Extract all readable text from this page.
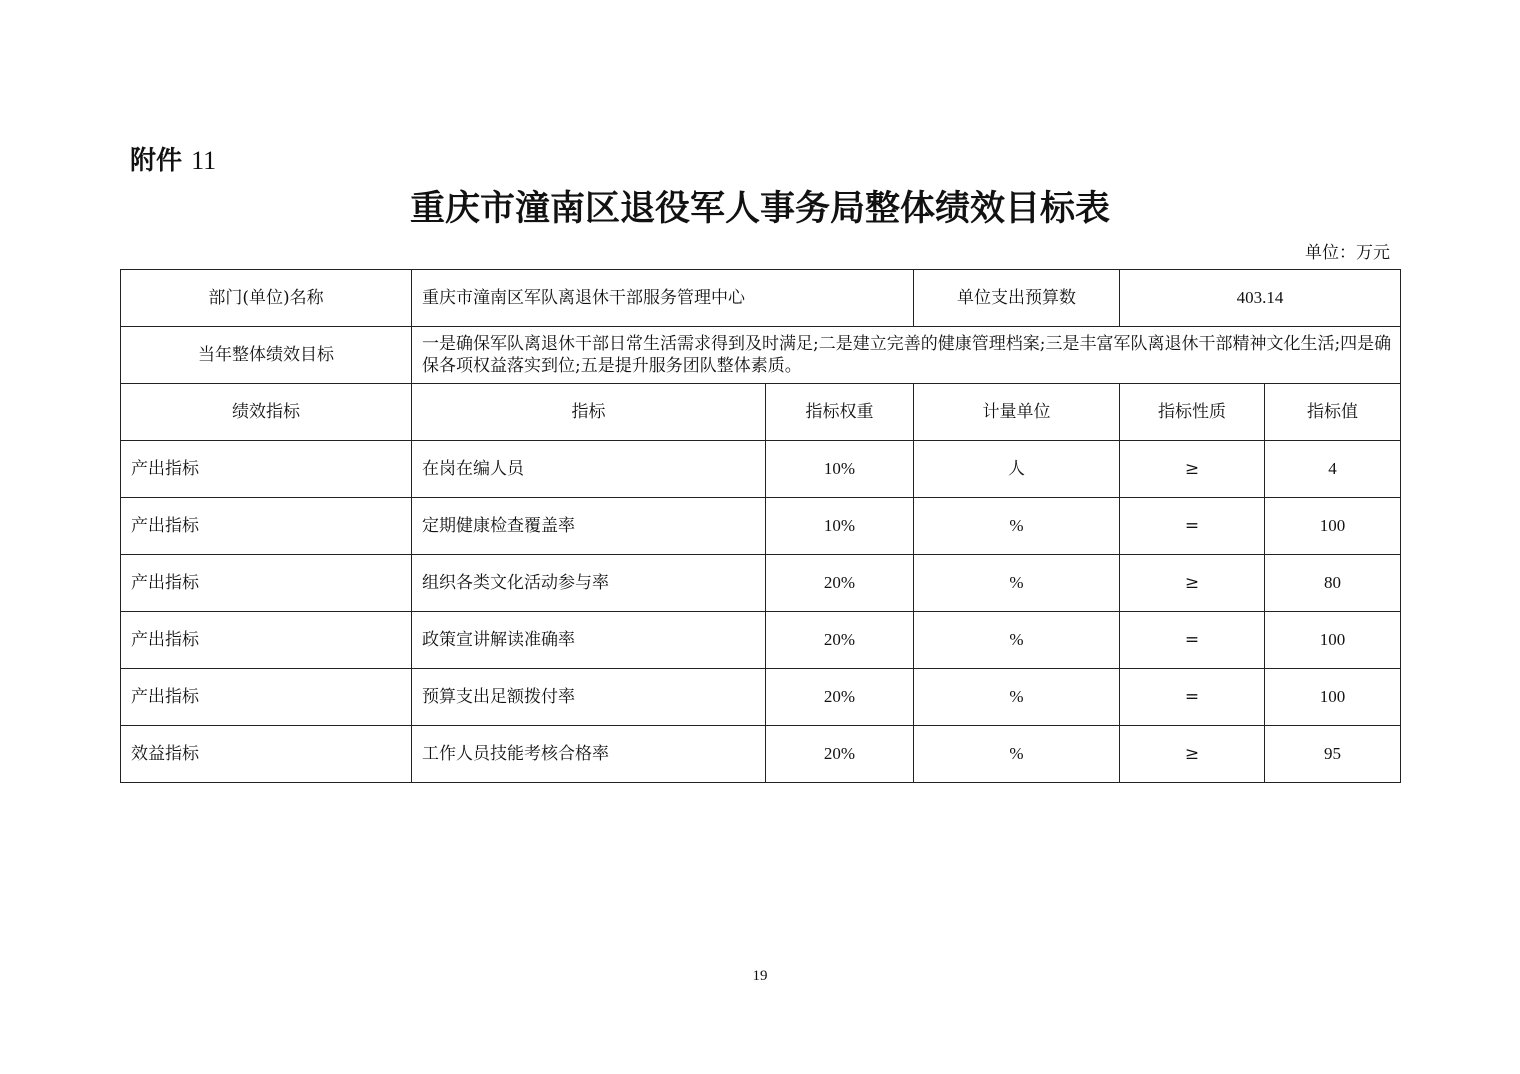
附件 11
重庆市潼南区退役军人事务局整体绩效目标表
单位：万元
部门(单位)名称	重庆市潼南区军队离退休干部服务管理中心		单位支出预算数	403.14	
当年整体绩效目标	一是确保军队离退休干部日常生活需求得到及时满足;二是建立完善的健康管理档案;三是丰富军队离退休干部精神文化生活;四是确保各项权益落实到位;五是提升服务团队整体素质。				
绩效指标	指标	指标权重	计量单位	指标性质	指标值
产出指标	在岗在编人员	10%	人	≥	4
产出指标	定期健康检查覆盖率	10%	%	=	100
产出指标	组织各类文化活动参与率	20%	%	≥	80
产出指标	政策宣讲解读准确率	20%	%	=	100
产出指标	预算支出足额拨付率	20%	%	=	100
效益指标	工作人员技能考核合格率	20%	%	≥	95
19
